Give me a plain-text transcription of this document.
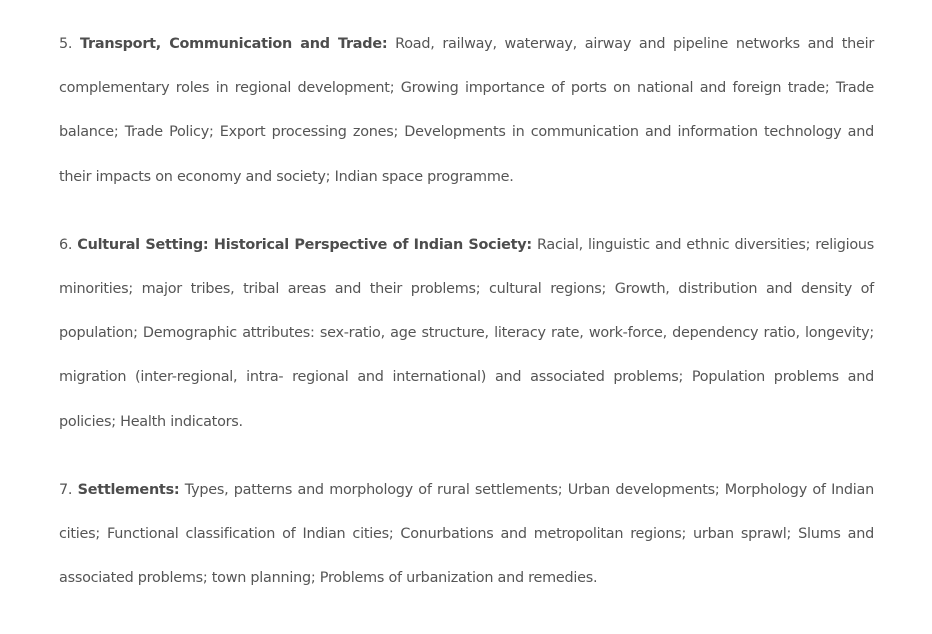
5. Transport, Communication and Trade: Road, railway, waterway, airway and pipeline networks and their complementary roles in regional development; Growing importance of ports on national and foreign trade; Trade balance; Trade Policy; Export processing zones; Developments in communication and information technology and their impacts on economy and society; Indian space programme.

6. Cultural Setting: Historical Perspective of Indian Society: Racial, linguistic and ethnic diversities; religious minorities; major tribes, tribal areas and their problems; cultural regions; Growth, distribution and density of population; Demographic attributes: sex-ratio, age structure, literacy rate, work-force, dependency ratio, longevity; migration (inter-regional, intra- regional and international) and associated problems; Population problems and policies; Health indicators.

7. Settlements: Types, patterns and morphology of rural settlements; Urban developments; Morphology of Indian cities; Functional classification of Indian cities; Conurbations and metropolitan regions; urban sprawl; Slums and associated problems; town planning; Problems of urbanization and remedies.
